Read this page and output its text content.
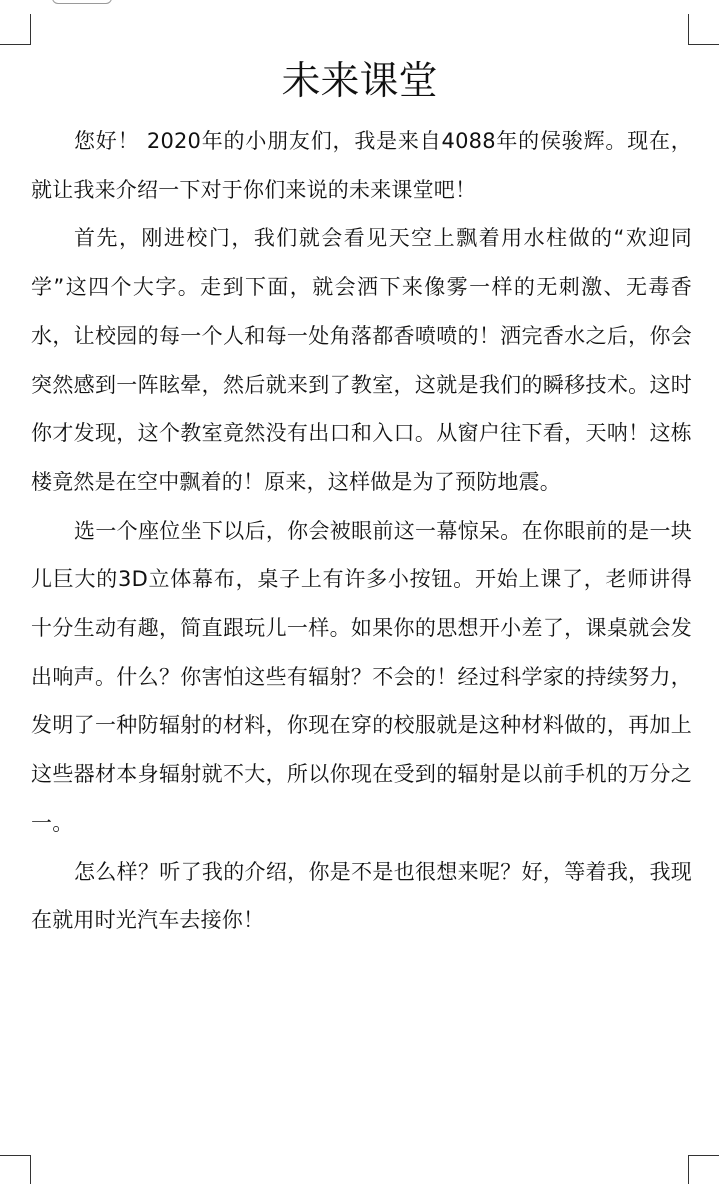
未来课堂

您好！ 2020年的小朋友们，我是来自4088年的侯骏辉。现在，就让我来介绍一下对于你们来说的未来课堂吧！

首先，刚进校门，我们就会看见天空上飘着用水柱做的“欢迎同学”这四个大字。走到下面，就会洒下来像雾一样的无刺激、无毒香水，让校园的每一个人和每一处角落都香喷喷的！洒完香水之后，你会突然感到一阵眩晕，然后就来到了教室，这就是我们的瞬移技术。这时你才发现，这个教室竟然没有出口和入口。从窗户往下看，天呐！这栋楼竟然是在空中飘着的！原来，这样做是为了预防地震。

选一个座位坐下以后，你会被眼前这一幕惊呆。在你眼前的是一块儿巨大的3D立体幕布，桌子上有许多小按钮。开始上课了，老师讲得十分生动有趣，简直跟玩儿一样。如果你的思想开小差了，课桌就会发出响声。什么？你害怕这些有辐射？不会的！经过科学家的持续努力，发明了一种防辐射的材料，你现在穿的校服就是这种材料做的，再加上这些器材本身辐射就不大，所以你现在受到的辐射是以前手机的万分之一。

怎么样？听了我的介绍，你是不是也很想来呢？好，等着我，我现在就用时光汽车去接你！
